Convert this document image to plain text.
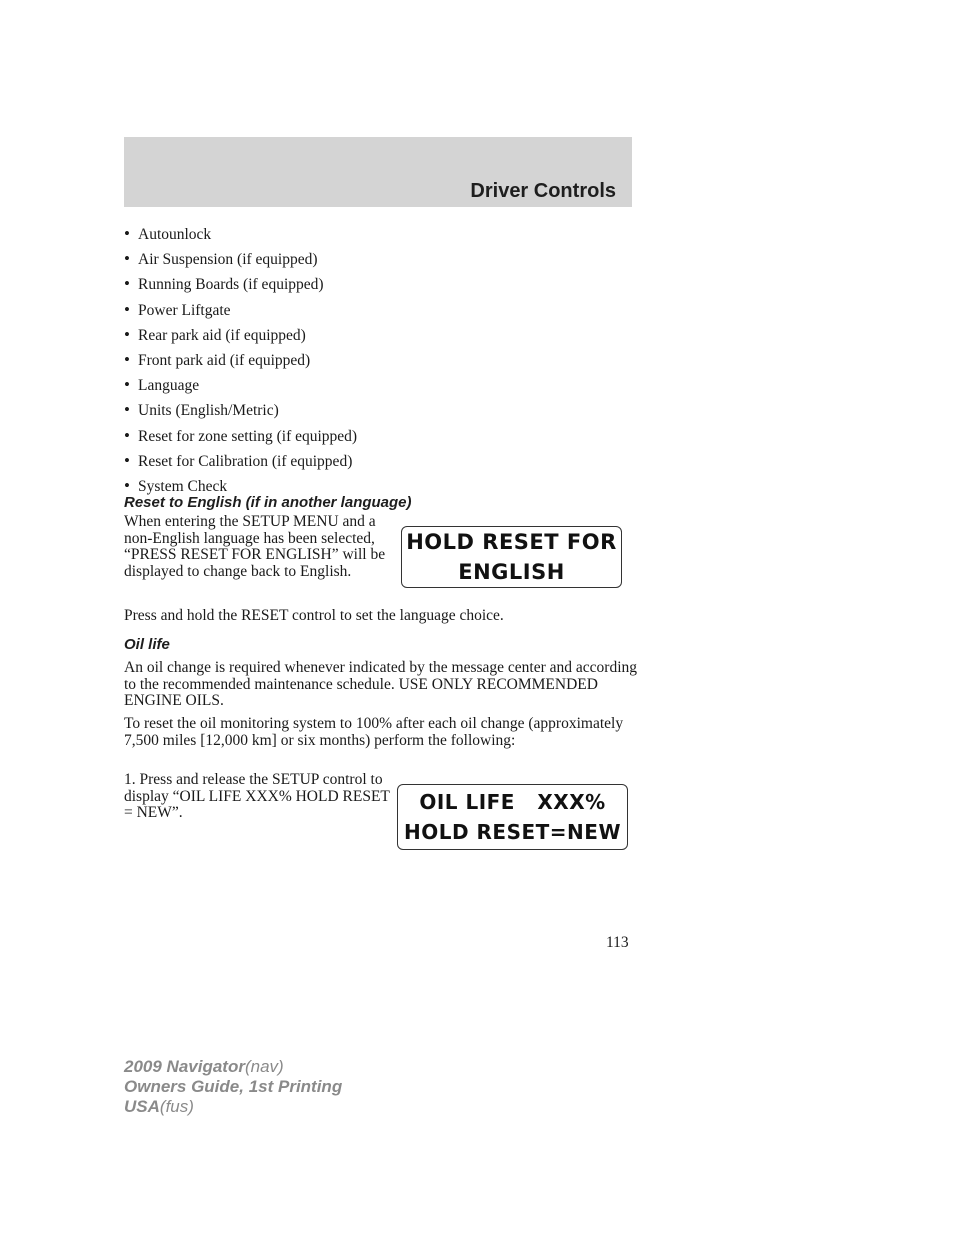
Driver Controls
• Autounlock
• Air Suspension (if equipped)
• Running Boards (if equipped)
• Power Liftgate
• Rear park aid (if equipped)
• Front park aid (if equipped)
• Language
• Units (English/Metric)
• Reset for zone setting (if equipped)
• Reset for Calibration (if equipped)
• System Check
Reset to English (if in another language)

When entering the SETUP MENU and a non-English language has been selected, “PRESS RESET FOR ENGLISH” will be displayed to change back to English.

HOLD RESET FOR
ENGLISH

Press and hold the RESET control to set the language choice.

Oil life

An oil change is required whenever indicated by the message center and according to the recommended maintenance schedule. USE ONLY RECOMMENDED ENGINE OILS.

To reset the oil monitoring system to 100% after each oil change (approximately 7,500 miles [12,000 km] or six months) perform the following:

1. Press and release the SETUP control to display “OIL LIFE XXX% HOLD RESET = NEW”.	OIL LIFE   XXX%
HOLD RESET=NEW
113
2009 Navigator(nav)
Owners Guide, 1st Printing
USA(fus)
